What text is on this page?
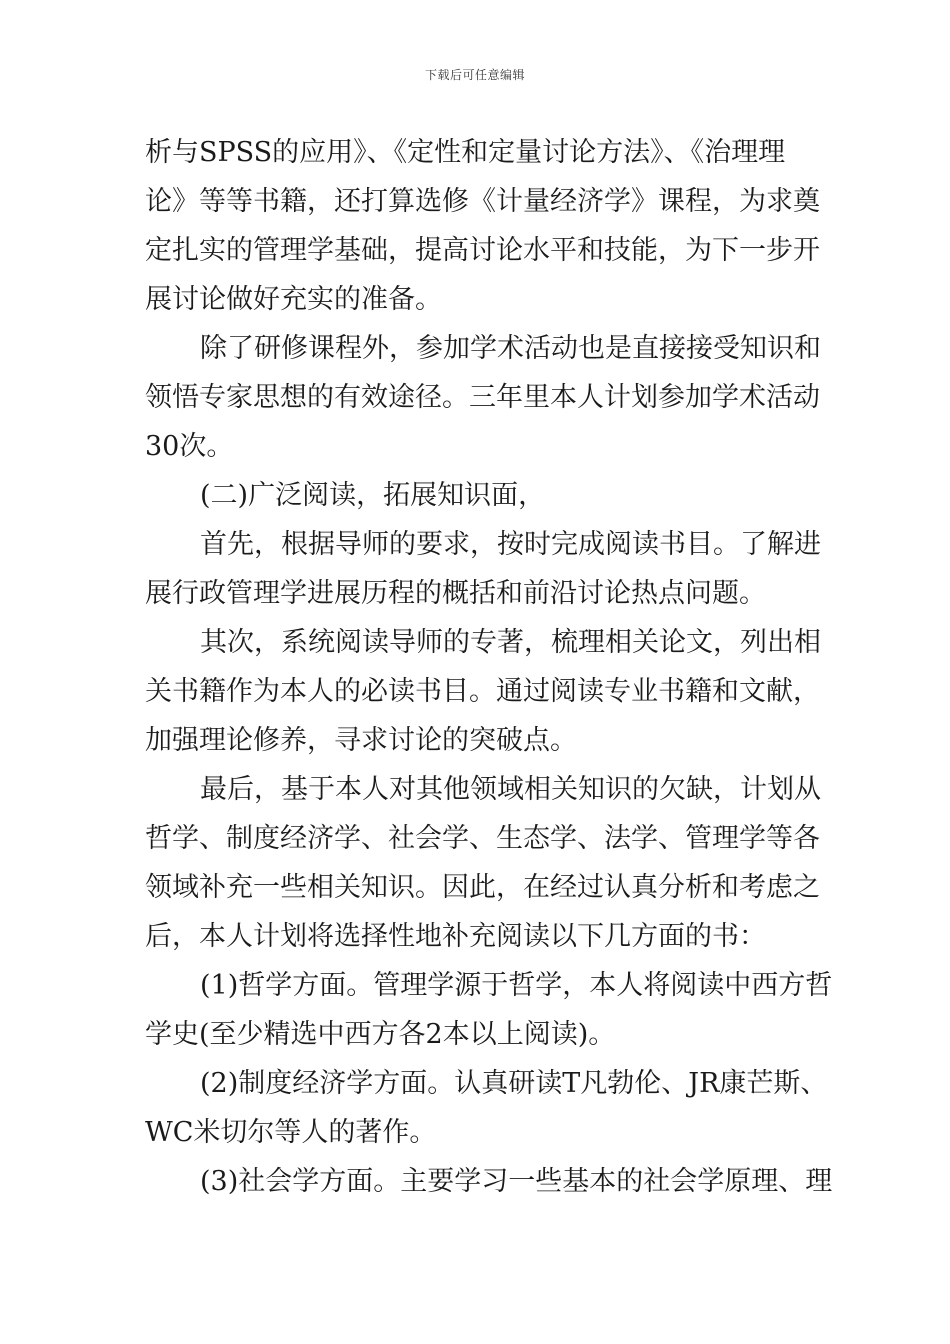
下载后可任意编辑
析与SPSS的应用》、《定性和定量讨论方法》、《治理理
论》等等书籍，还打算选修《计量经济学》课程，为求奠
定扎实的管理学基础，提高讨论水平和技能，为下一步开
展讨论做好充实的准备。
除了研修课程外，参加学术活动也是直接接受知识和
领悟专家思想的有效途径。三年里本人计划参加学术活动
30次。
(二)广泛阅读，拓展知识面，
首先，根据导师的要求，按时完成阅读书目。了解进
展行政管理学进展历程的概括和前沿讨论热点问题。
其次，系统阅读导师的专著，梳理相关论文，列出相
关书籍作为本人的必读书目。通过阅读专业书籍和文献，
加强理论修养，寻求讨论的突破点。
最后，基于本人对其他领域相关知识的欠缺，计划从
哲学、制度经济学、社会学、生态学、法学、管理学等各
领域补充一些相关知识。因此，在经过认真分析和考虑之
后，本人计划将选择性地补充阅读以下几方面的书：
(1)哲学方面。管理学源于哲学，本人将阅读中西方哲
学史(至少精选中西方各2本以上阅读)。
(2)制度经济学方面。认真研读T凡勃伦、JR康芒斯、
WC米切尔等人的著作。
(3)社会学方面。主要学习一些基本的社会学原理、理
